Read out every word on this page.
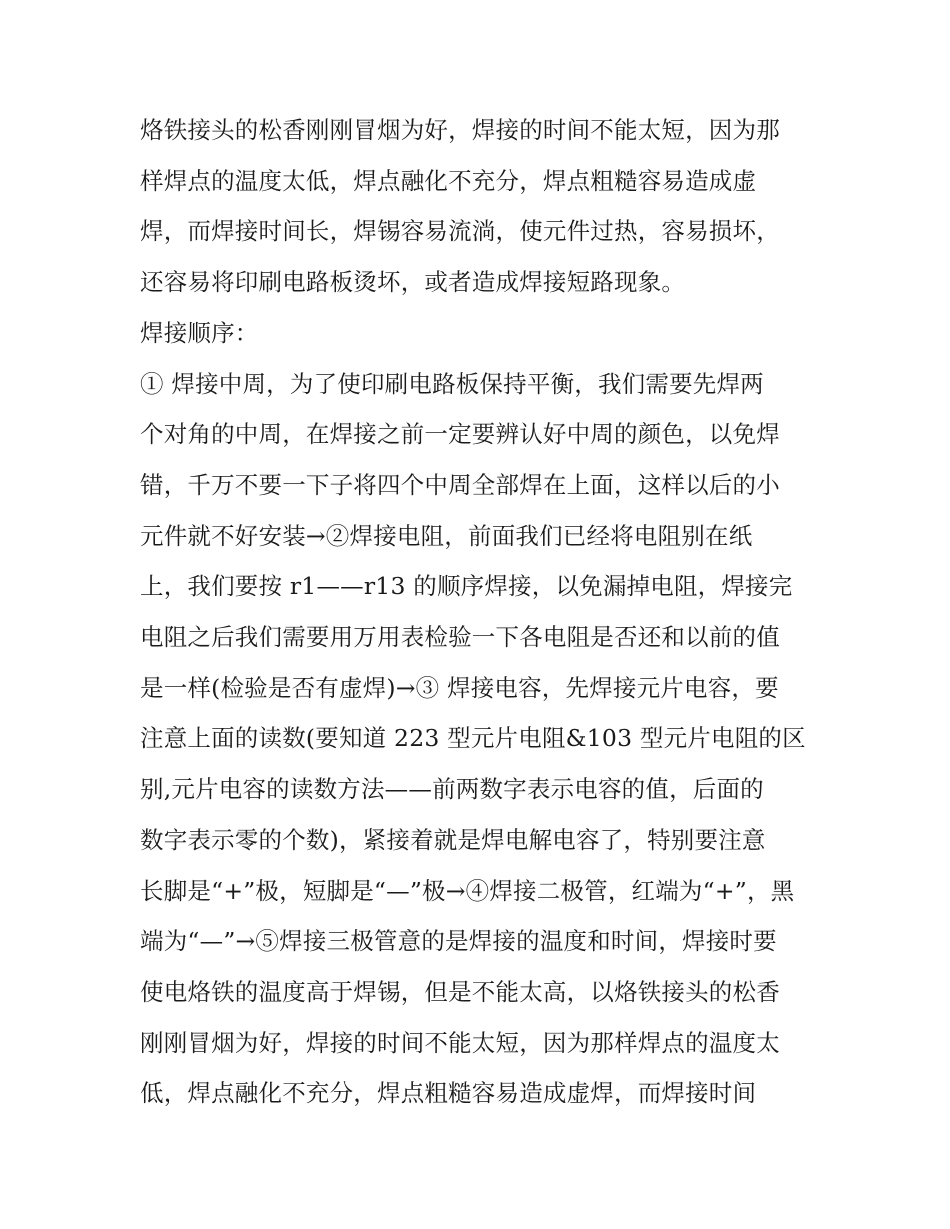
烙铁接头的松香刚刚冒烟为好，焊接的时间不能太短，因为那
样焊点的温度太低，焊点融化不充分，焊点粗糙容易造成虚
焊，而焊接时间长，焊锡容易流淌，使元件过热，容易损坏，
还容易将印刷电路板烫坏，或者造成焊接短路现象。
焊接顺序：
① 焊接中周，为了使印刷电路板保持平衡，我们需要先焊两
个对角的中周，在焊接之前一定要辨认好中周的颜色，以免焊
错，千万不要一下子将四个中周全部焊在上面，这样以后的小
元件就不好安装→②焊接电阻，前面我们已经将电阻别在纸
上，我们要按 r1——r13 的顺序焊接，以免漏掉电阻，焊接完
电阻之后我们需要用万用表检验一下各电阻是否还和以前的值
是一样(检验是否有虚焊)→③ 焊接电容，先焊接元片电容，要
注意上面的读数(要知道 223 型元片电阻&103 型元片电阻的区
别,元片电容的读数方法——前两数字表示电容的值，后面的
数字表示零的个数)，紧接着就是焊电解电容了，特别要注意
长脚是“+”极，短脚是“—”极→④焊接二极管，红端为“+”，黑
端为“—”→⑤焊接三极管意的是焊接的温度和时间，焊接时要
使电烙铁的温度高于焊锡，但是不能太高，以烙铁接头的松香
刚刚冒烟为好，焊接的时间不能太短，因为那样焊点的温度太
低，焊点融化不充分，焊点粗糙容易造成虚焊，而焊接时间
